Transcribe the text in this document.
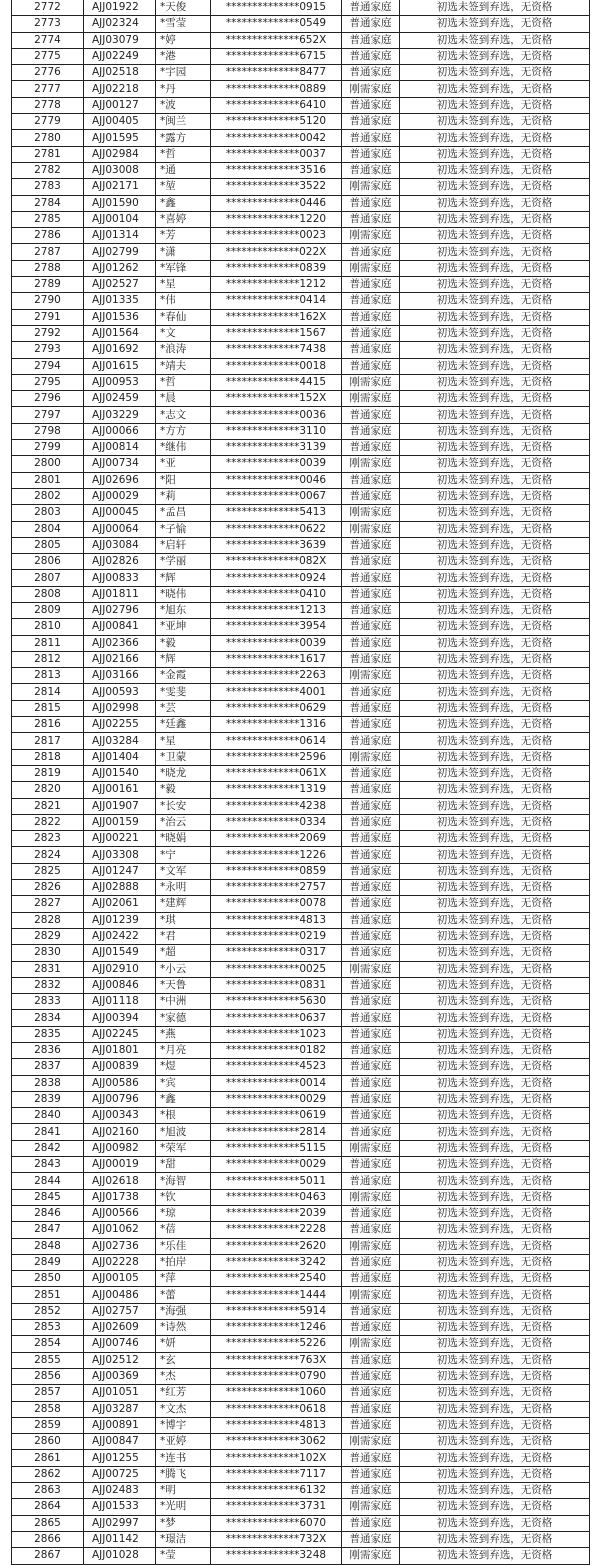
2772	AJJ01922	*天俊	**************0915	普通家庭	初选未签到弃选，无资格
2773	AJJ02324	*雪莹	**************0549	普通家庭	初选未签到弃选，无资格
2774	AJJ03079	*婷	**************652X	普通家庭	初选未签到弃选，无资格
2775	AJJ02249	*港	**************6715	普通家庭	初选未签到弃选，无资格
2776	AJJ02518	*宇园	**************8477	普通家庭	初选未签到弃选，无资格
2777	AJJ02218	*丹	**************0889	刚需家庭	初选未签到弃选，无资格
2778	AJJ00127	*波	**************6410	普通家庭	初选未签到弃选，无资格
2779	AJJ00405	*闽兰	**************5120	普通家庭	初选未签到弃选，无资格
2780	AJJ01595	*露方	**************0042	普通家庭	初选未签到弃选，无资格
2781	AJJ02984	*哲	**************0037	普通家庭	初选未签到弃选，无资格
2782	AJJ03008	*通	**************3516	普通家庭	初选未签到弃选，无资格
2783	AJJ02171	*堃	**************3522	刚需家庭	初选未签到弃选，无资格
2784	AJJ01590	*鑫	**************0446	普通家庭	初选未签到弃选，无资格
2785	AJJ00104	*喜婷	**************1220	普通家庭	初选未签到弃选，无资格
2786	AJJ01314	*芳	**************0023	刚需家庭	初选未签到弃选，无资格
2787	AJJ02799	*潇	**************022X	普通家庭	初选未签到弃选，无资格
2788	AJJ01262	*军锋	**************0839	刚需家庭	初选未签到弃选，无资格
2789	AJJ02527	*星	**************1212	普通家庭	初选未签到弃选，无资格
2790	AJJ01335	*伟	**************0414	普通家庭	初选未签到弃选，无资格
2791	AJJ01536	*春仙	**************162X	普通家庭	初选未签到弃选，无资格
2792	AJJ01564	*文	**************1567	普通家庭	初选未签到弃选，无资格
2793	AJJ01692	*浪涛	**************7438	普通家庭	初选未签到弃选，无资格
2794	AJJ01615	*靖夫	**************0018	普通家庭	初选未签到弃选，无资格
2795	AJJ00953	*哲	**************4415	刚需家庭	初选未签到弃选，无资格
2796	AJJ02459	*晨	**************152X	刚需家庭	初选未签到弃选，无资格
2797	AJJ03229	*志文	**************0036	普通家庭	初选未签到弃选，无资格
2798	AJJ00066	*方方	**************3110	普通家庭	初选未签到弃选，无资格
2799	AJJ00814	*继伟	**************3139	普通家庭	初选未签到弃选，无资格
2800	AJJ00734	*亚	**************0039	刚需家庭	初选未签到弃选，无资格
2801	AJJ02696	*阳	**************0046	普通家庭	初选未签到弃选，无资格
2802	AJJ00029	*莉	**************0067	普通家庭	初选未签到弃选，无资格
2803	AJJ00045	*孟昌	**************5413	刚需家庭	初选未签到弃选，无资格
2804	AJJ00064	*子愉	**************0622	刚需家庭	初选未签到弃选，无资格
2805	AJJ03084	*启轩	**************3639	普通家庭	初选未签到弃选，无资格
2806	AJJ02826	*学丽	**************082X	普通家庭	初选未签到弃选，无资格
2807	AJJ00833	*辉	**************0924	普通家庭	初选未签到弃选，无资格
2808	AJJ01811	*晓伟	**************0410	普通家庭	初选未签到弃选，无资格
2809	AJJ02796	*旭东	**************1213	普通家庭	初选未签到弃选，无资格
2810	AJJ00841	*亚坤	**************3954	普通家庭	初选未签到弃选，无资格
2811	AJJ02366	*毅	**************0039	普通家庭	初选未签到弃选，无资格
2812	AJJ02166	*辉	**************1617	普通家庭	初选未签到弃选，无资格
2813	AJJ03166	*金霞	**************2263	刚需家庭	初选未签到弃选，无资格
2814	AJJ00593	*雯斐	**************4001	普通家庭	初选未签到弃选，无资格
2815	AJJ02998	*芸	**************0629	普通家庭	初选未签到弃选，无资格
2816	AJJ02255	*廷鑫	**************1316	普通家庭	初选未签到弃选，无资格
2817	AJJ03284	*星	**************0614	普通家庭	初选未签到弃选，无资格
2818	AJJ01404	*卫蒙	**************2596	刚需家庭	初选未签到弃选，无资格
2819	AJJ01540	*晓龙	**************061X	普通家庭	初选未签到弃选，无资格
2820	AJJ00161	*毅	**************1319	普通家庭	初选未签到弃选，无资格
2821	AJJ01907	*长安	**************4238	普通家庭	初选未签到弃选，无资格
2822	AJJ00159	*治云	**************0334	普通家庭	初选未签到弃选，无资格
2823	AJJ00221	*晓娟	**************2069	普通家庭	初选未签到弃选，无资格
2824	AJJ03308	*宁	**************1226	普通家庭	初选未签到弃选，无资格
2825	AJJ01247	*文军	**************0859	普通家庭	初选未签到弃选，无资格
2826	AJJ02888	*永明	**************2757	普通家庭	初选未签到弃选，无资格
2827	AJJ02061	*建辉	**************0078	普通家庭	初选未签到弃选，无资格
2828	AJJ01239	*琪	**************4813	普通家庭	初选未签到弃选，无资格
2829	AJJ02422	*君	**************0219	普通家庭	初选未签到弃选，无资格
2830	AJJ01549	*超	**************0317	普通家庭	初选未签到弃选，无资格
2831	AJJ02910	*小云	**************0025	刚需家庭	初选未签到弃选，无资格
2832	AJJ00846	*天鲁	**************0831	普通家庭	初选未签到弃选，无资格
2833	AJJ01118	*中洲	**************5630	普通家庭	初选未签到弃选，无资格
2834	AJJ00394	*家德	**************0637	普通家庭	初选未签到弃选，无资格
2835	AJJ02245	*燕	**************1023	普通家庭	初选未签到弃选，无资格
2836	AJJ01801	*月亮	**************0182	普通家庭	初选未签到弃选，无资格
2837	AJJ00839	*煜	**************4523	普通家庭	初选未签到弃选，无资格
2838	AJJ00586	*宾	**************0014	普通家庭	初选未签到弃选，无资格
2839	AJJ00796	*鑫	**************0029	普通家庭	初选未签到弃选，无资格
2840	AJJ00343	*根	**************0619	普通家庭	初选未签到弃选，无资格
2841	AJJ02160	*旭波	**************2814	普通家庭	初选未签到弃选，无资格
2842	AJJ00982	*荣军	**************5115	刚需家庭	初选未签到弃选，无资格
2843	AJJ00019	*甜	**************0029	普通家庭	初选未签到弃选，无资格
2844	AJJ02618	*海智	**************5011	普通家庭	初选未签到弃选，无资格
2845	AJJ01738	*钦	**************0463	刚需家庭	初选未签到弃选，无资格
2846	AJJ00566	*琼	**************2039	普通家庭	初选未签到弃选，无资格
2847	AJJ01062	*蓓	**************2228	普通家庭	初选未签到弃选，无资格
2848	AJJ02736	*乐佳	**************2620	刚需家庭	初选未签到弃选，无资格
2849	AJJ02228	*拍岸	**************3242	普通家庭	初选未签到弃选，无资格
2850	AJJ00105	*萍	**************2540	普通家庭	初选未签到弃选，无资格
2851	AJJ00486	*蕾	**************1444	刚需家庭	初选未签到弃选，无资格
2852	AJJ02757	*海强	**************5914	普通家庭	初选未签到弃选，无资格
2853	AJJ02609	*诗然	**************1246	普通家庭	初选未签到弃选，无资格
2854	AJJ00746	*妍	**************5226	刚需家庭	初选未签到弃选，无资格
2855	AJJ02512	*玄	**************763X	普通家庭	初选未签到弃选，无资格
2856	AJJ00369	*杰	**************0790	普通家庭	初选未签到弃选，无资格
2857	AJJ01051	*红芳	**************1060	普通家庭	初选未签到弃选，无资格
2858	AJJ03287	*文杰	**************0618	普通家庭	初选未签到弃选，无资格
2859	AJJ00891	*博宇	**************4813	普通家庭	初选未签到弃选，无资格
2860	AJJ00847	*亚婷	**************3062	刚需家庭	初选未签到弃选，无资格
2861	AJJ01255	*连书	**************102X	普通家庭	初选未签到弃选，无资格
2862	AJJ00725	*腾飞	**************7117	普通家庭	初选未签到弃选，无资格
2863	AJJ02483	*明	**************6132	普通家庭	初选未签到弃选，无资格
2864	AJJ01533	*光明	**************3731	刚需家庭	初选未签到弃选，无资格
2865	AJJ02997	*梦	**************6070	普通家庭	初选未签到弃选，无资格
2866	AJJ01142	*璟洁	**************732X	普通家庭	初选未签到弃选，无资格
2867	AJJ01028	*莹	**************3248	刚需家庭	初选未签到弃选，无资格
